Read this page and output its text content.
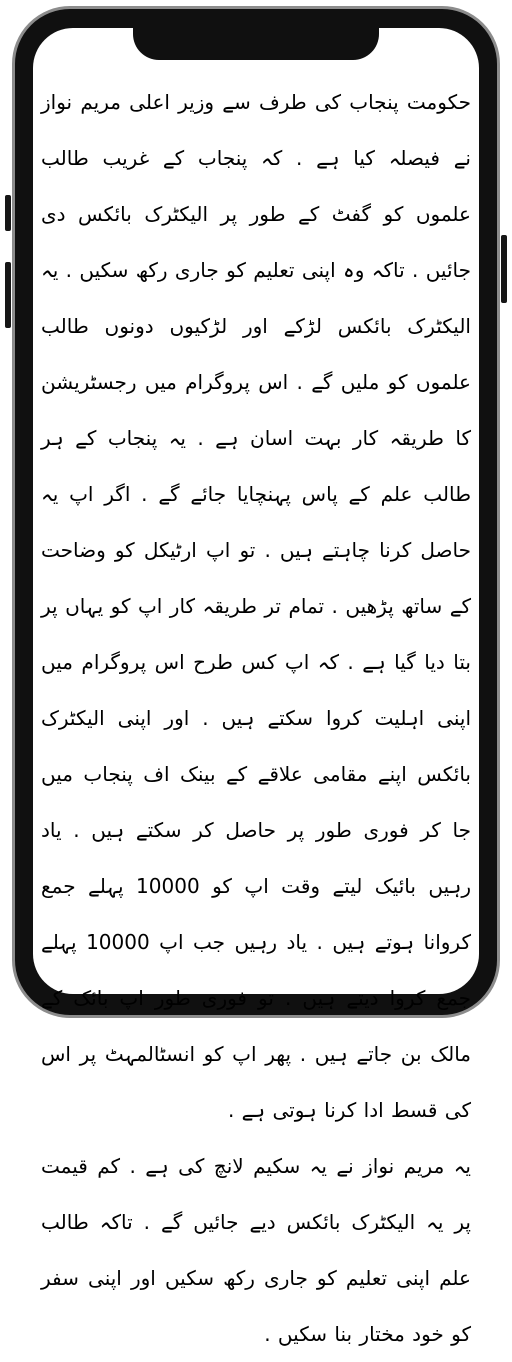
حکومت پنجاب کی طرف سے وزیر اعلی مریم نواز نے فیصلہ کیا ہے . کہ پنجاب کے غریب طالب علموں کو گفٹ کے طور پر الیکٹرک بائکس دی جائیں . تاکہ وہ اپنی تعلیم کو جاری رکھ سکیں . یہ الیکٹرک بائکس لڑکے اور لڑکیوں دونوں طالب علموں کو ملیں گے . اس پروگرام میں رجسٹریشن کا طریقہ کار بہت اسان ہے . یہ پنجاب کے ہر طالب علم کے پاس پہنچایا جائے گے . اگر اپ یہ حاصل کرنا چاہتے ہیں . تو اپ ارٹیکل کو وضاحت کے ساتھ پڑھیں . تمام تر طریقہ کار اپ کو یہاں پر بتا دیا گیا ہے . کہ اپ کس طرح اس پروگرام میں اپنی اہلیت کروا سکتے ہیں . اور اپنی الیکٹرک بائکس اپنے مقامی علاقے کے بینک اف پنجاب میں جا کر فوری طور پر حاصل کر سکتے ہیں . یاد رہیں بائیک لیتے وقت اپ کو 10000 پہلے جمع کروانا ہوتے ہیں . یاد رہیں جب اپ 10000 پہلے جمع کروا دیتے ہیں . تو فوری طور اپ بائک کے مالک بن جاتے ہیں . پھر اپ کو انسٹالمہٹ پر اس کی قسط ادا کرنا ہوتی ہے .

یہ مریم نواز نے یہ سکیم لانچ کی ہے . کم قیمت پر یہ الیکٹرک بائکس دیے جائیں گے . تاکہ طالب علم اپنی تعلیم کو جاری رکھ سکیں اور اپنی سفر کو خود مختار بنا سکیں .
